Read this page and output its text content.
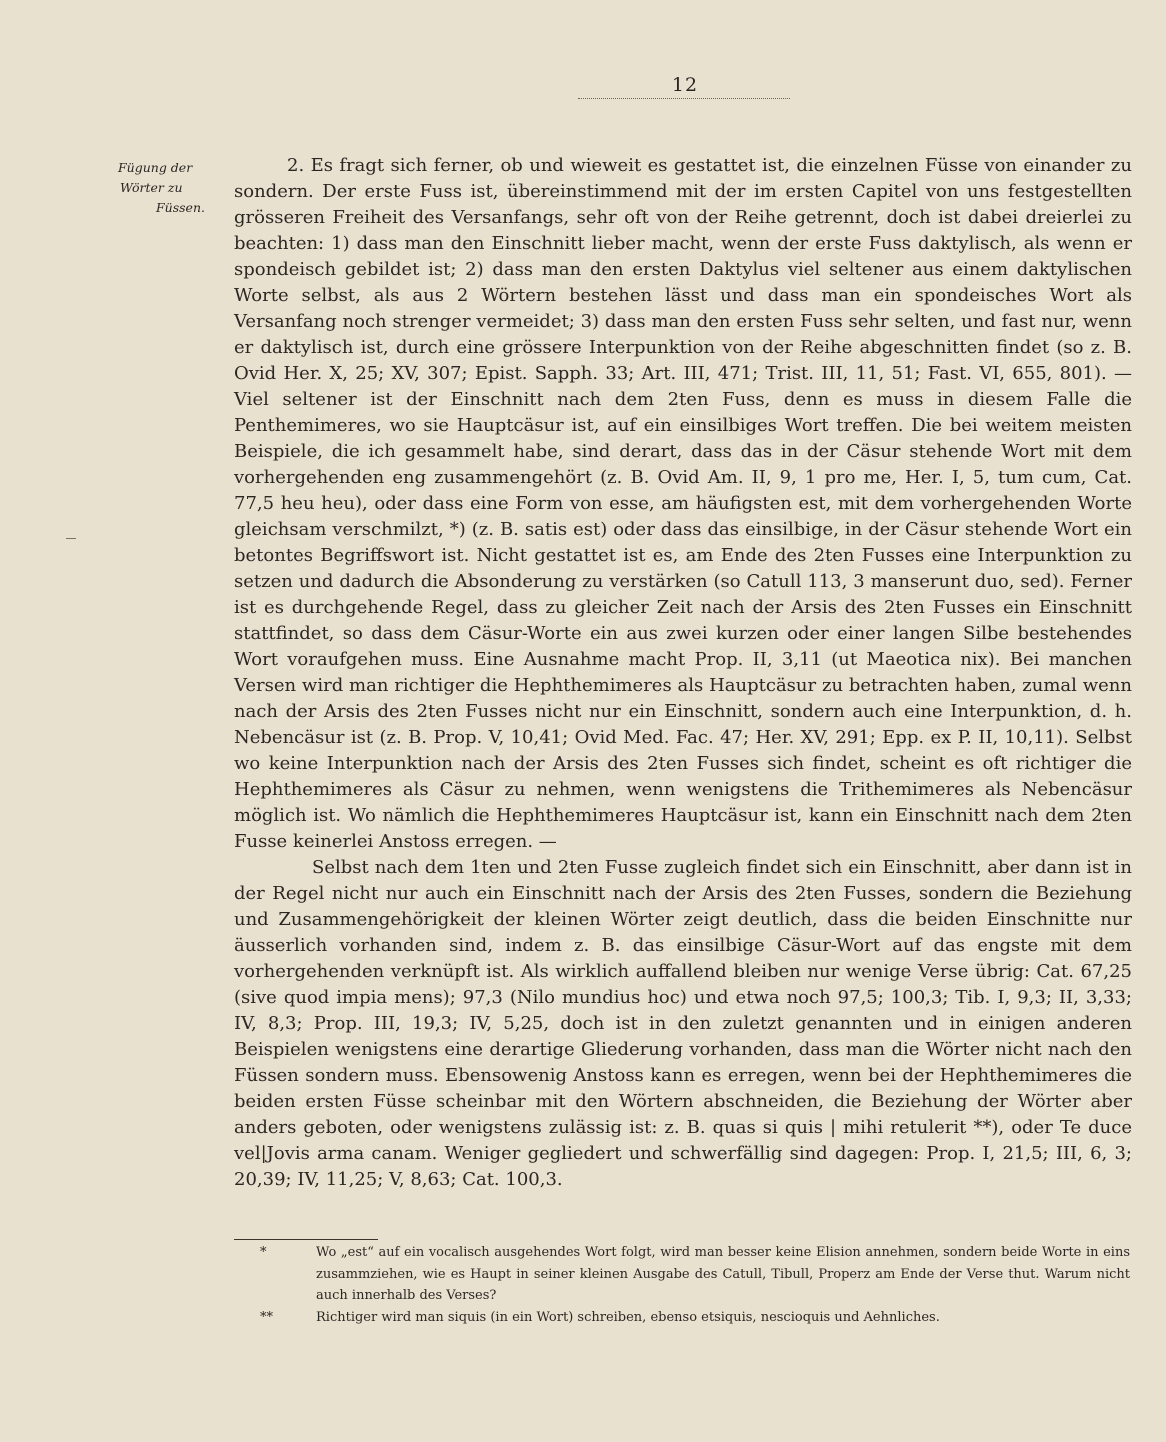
12
Fügung der
Wörter zu
Füssen.

2. Es fragt sich ferner, ob und wieweit es gestattet ist, die einzelnen Füsse von einander zu sondern. Der erste Fuss ist, übereinstimmend mit der im ersten Capitel von uns festgestellten grösseren Freiheit des Versanfangs, sehr oft von der Reihe getrennt, doch ist dabei dreierlei zu beachten: 1) dass man den Einschnitt lieber macht, wenn der erste Fuss daktylisch, als wenn er spondeisch gebildet ist; 2) dass man den ersten Daktylus viel seltener aus einem daktylischen Worte selbst, als aus 2 Wörtern bestehen lässt und dass man ein spondeisches Wort als Versanfang noch strenger vermeidet; 3) dass man den ersten Fuss sehr selten, und fast nur, wenn er daktylisch ist, durch eine grössere Interpunktion von der Reihe abgeschnitten findet (so z. B. Ovid Her. X, 25; XV, 307; Epist. Sapph. 33; Art. III, 471; Trist. III, 11, 51; Fast. VI, 655, 801). — Viel seltener ist der Einschnitt nach dem 2ten Fuss, denn es muss in diesem Falle die Penthemimeres, wo sie Hauptcäsur ist, auf ein einsilbiges Wort treffen. Die bei weitem meisten Beispiele, die ich gesammelt habe, sind derart, dass das in der Cäsur stehende Wort mit dem vorhergehenden eng zusammengehört (z. B. Ovid Am. II, 9, 1 pro me, Her. I, 5, tum cum, Cat. 77,5 heu heu), oder dass eine Form von esse, am häufigsten est, mit dem vorhergehenden Worte gleichsam verschmilzt, *) (z. B. satis est) oder dass das einsilbige, in der Cäsur stehende Wort ein betontes Begriffswort ist. Nicht gestattet ist es, am Ende des 2ten Fusses eine Interpunktion zu setzen und dadurch die Absonderung zu verstärken (so Catull 113, 3 manserunt duo, sed). Ferner ist es durchgehende Regel, dass zu gleicher Zeit nach der Arsis des 2ten Fusses ein Einschnitt stattfindet, so dass dem Cäsur-Worte ein aus zwei kurzen oder einer langen Silbe bestehendes Wort voraufgehen muss. Eine Ausnahme macht Prop. II, 3,11 (ut Maeotica nix). Bei manchen Versen wird man richtiger die Hephthemimeres als Hauptcäsur zu betrachten haben, zumal wenn nach der Arsis des 2ten Fusses nicht nur ein Einschnitt, sondern auch eine Interpunktion, d. h. Nebencäsur ist (z. B. Prop. V, 10,41; Ovid Med. Fac. 47; Her. XV, 291; Epp. ex P. II, 10,11). Selbst wo keine Interpunktion nach der Arsis des 2ten Fusses sich findet, scheint es oft richtiger die Hephthemimeres als Cäsur zu nehmen, wenn wenigstens die Trithemimeres als Nebencäsur möglich ist. Wo nämlich die Hephthemimeres Hauptcäsur ist, kann ein Einschnitt nach dem 2ten Fusse keinerlei Anstoss erregen. —

Selbst nach dem 1ten und 2ten Fusse zugleich findet sich ein Einschnitt, aber dann ist in der Regel nicht nur auch ein Einschnitt nach der Arsis des 2ten Fusses, sondern die Beziehung und Zusammengehörigkeit der kleinen Wörter zeigt deutlich, dass die beiden Einschnitte nur äusserlich vorhanden sind, indem z. B. das einsilbige Cäsur-Wort auf das engste mit dem vorhergehenden verknüpft ist. Als wirklich auffallend bleiben nur wenige Verse übrig: Cat. 67,25 (sive quod impia mens); 97,3 (Nilo mundius hoc) und etwa noch 97,5; 100,3; Tib. I, 9,3; II, 3,33; IV, 8,3; Prop. III, 19,3; IV, 5,25, doch ist in den zuletzt genannten und in einigen anderen Beispielen wenigstens eine derartige Gliederung vorhanden, dass man die Wörter nicht nach den Füssen sondern muss. Ebensowenig Anstoss kann es erregen, wenn bei der Hephthemimeres die beiden ersten Füsse scheinbar mit den Wörtern abschneiden, die Beziehung der Wörter aber anders geboten, oder wenigstens zulässig ist: z. B. quas si quis | mihi retulerit **), oder Te duce vel|Jovis arma canam. Weniger gegliedert und schwerfällig sind dagegen: Prop. I, 21,5; III, 6, 3; 20,39; IV, 11,25; V, 8,63; Cat. 100,3.

*	Wo „est“ auf ein vocalisch ausgehendes Wort folgt, wird man besser keine Elision annehmen, sondern beide Worte in eins zusammziehen, wie es Haupt in seiner kleinen Ausgabe des Catull, Tibull, Properz am Ende der Verse thut. Warum nicht auch innerhalb des Verses?

**	Richtiger wird man siquis (in ein Wort) schreiben, ebenso etsiquis, nescioquis und Aehnliches.
